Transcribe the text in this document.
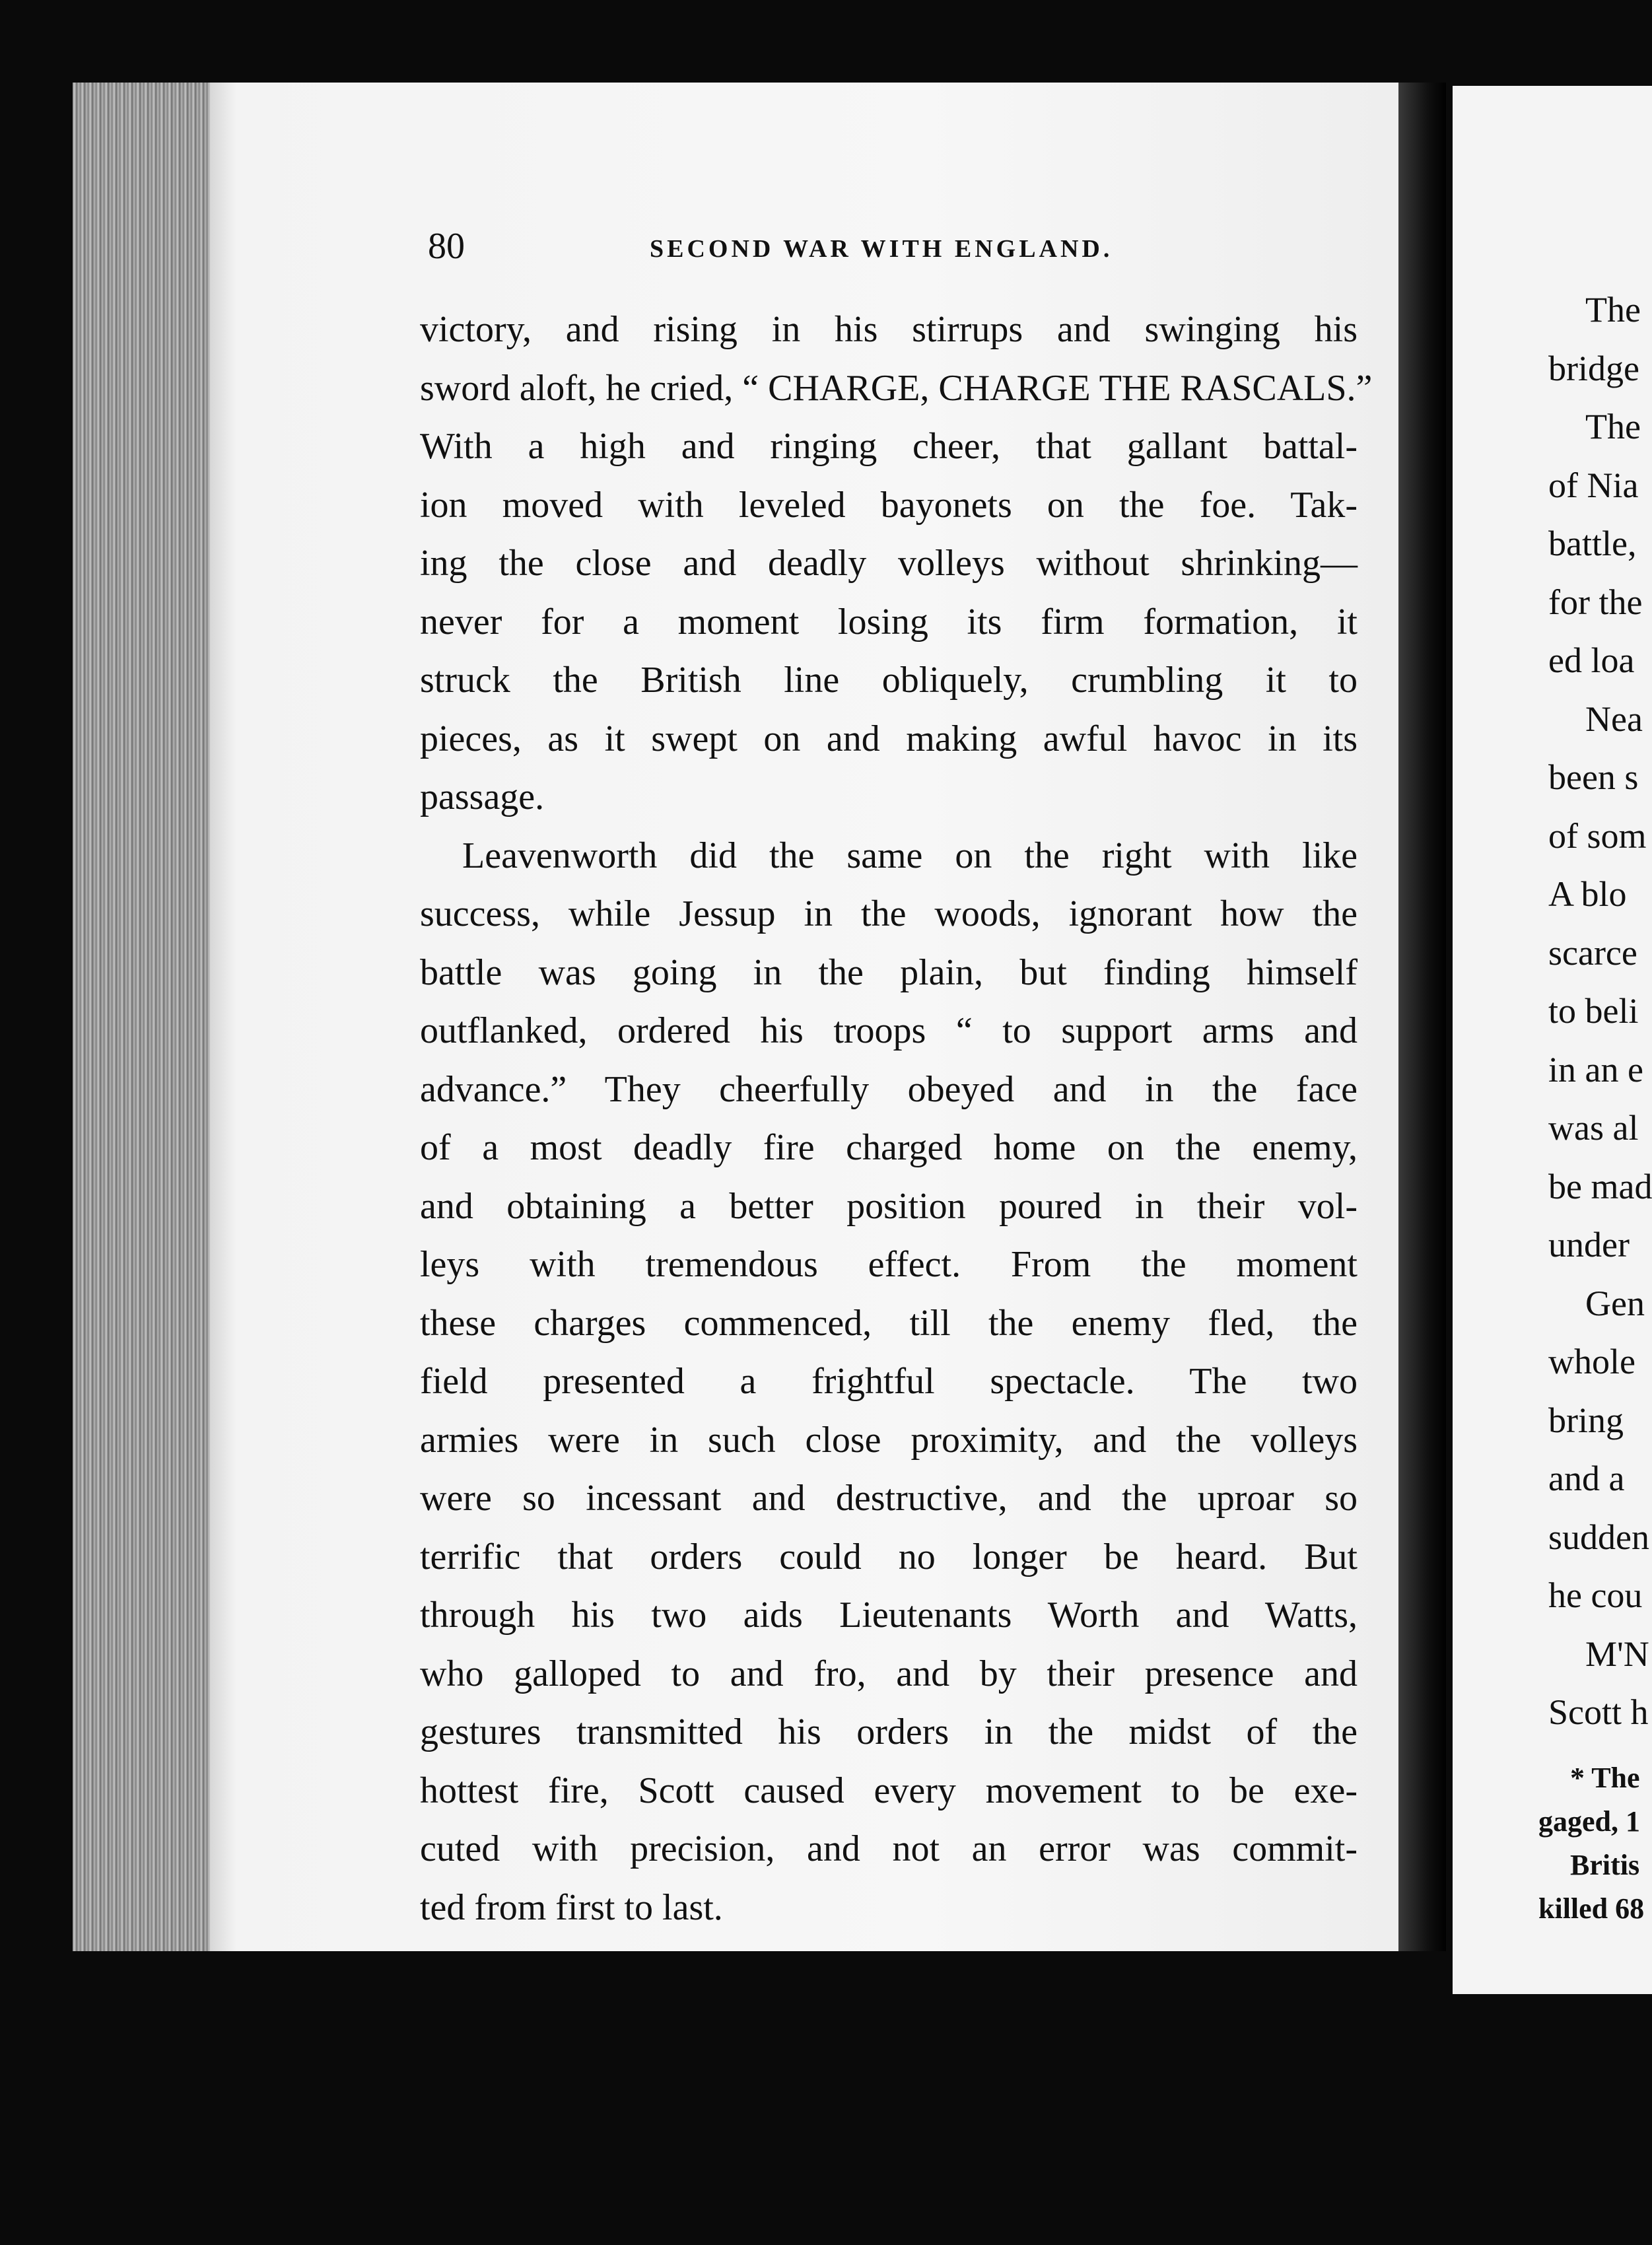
80	SECOND WAR WITH ENGLAND.
victory, and rising in his stirrups and swinging his
sword aloft, he cried, “ CHARGE, CHARGE THE RASCALS.”
With a high and ringing cheer, that gallant battal-
ion moved with leveled bayonets on the foe. Tak-
ing the close and deadly volleys without shrinking—
never for a moment losing its firm formation, it
struck the British line obliquely, crumbling it to
pieces, as it swept on and making awful havoc in its
passage.
Leavenworth did the same on the right with like
success, while Jessup in the woods, ignorant how the
battle was going in the plain, but finding himself
outflanked, ordered his troops “ to support arms and
advance.” They cheerfully obeyed and in the face
of a most deadly fire charged home on the enemy,
and obtaining a better position poured in their vol-
leys with tremendous effect. From the moment
these charges commenced, till the enemy fled, the
field presented a frightful spectacle. The two
armies were in such close proximity, and the volleys
were so incessant and destructive, and the uproar so
terrific that orders could no longer be heard. But
through his two aids Lieutenants Worth and Watts,
who galloped to and fro, and by their presence and
gestures transmitted his orders in the midst of the
hottest fire, Scott caused every movement to be exe-
cuted with precision, and not an error was commit-
ted from first to last.
The
bridge
The
of Nia
battle,
for the
ed loa
Nea
been s
of som
A blo
scarce
to beli
in an e
was al
be mad
under
Gen
whole
bring
and a
sudden
he cou
M'N
Scott h
* The
gaged, 1
Britis
killed 68
